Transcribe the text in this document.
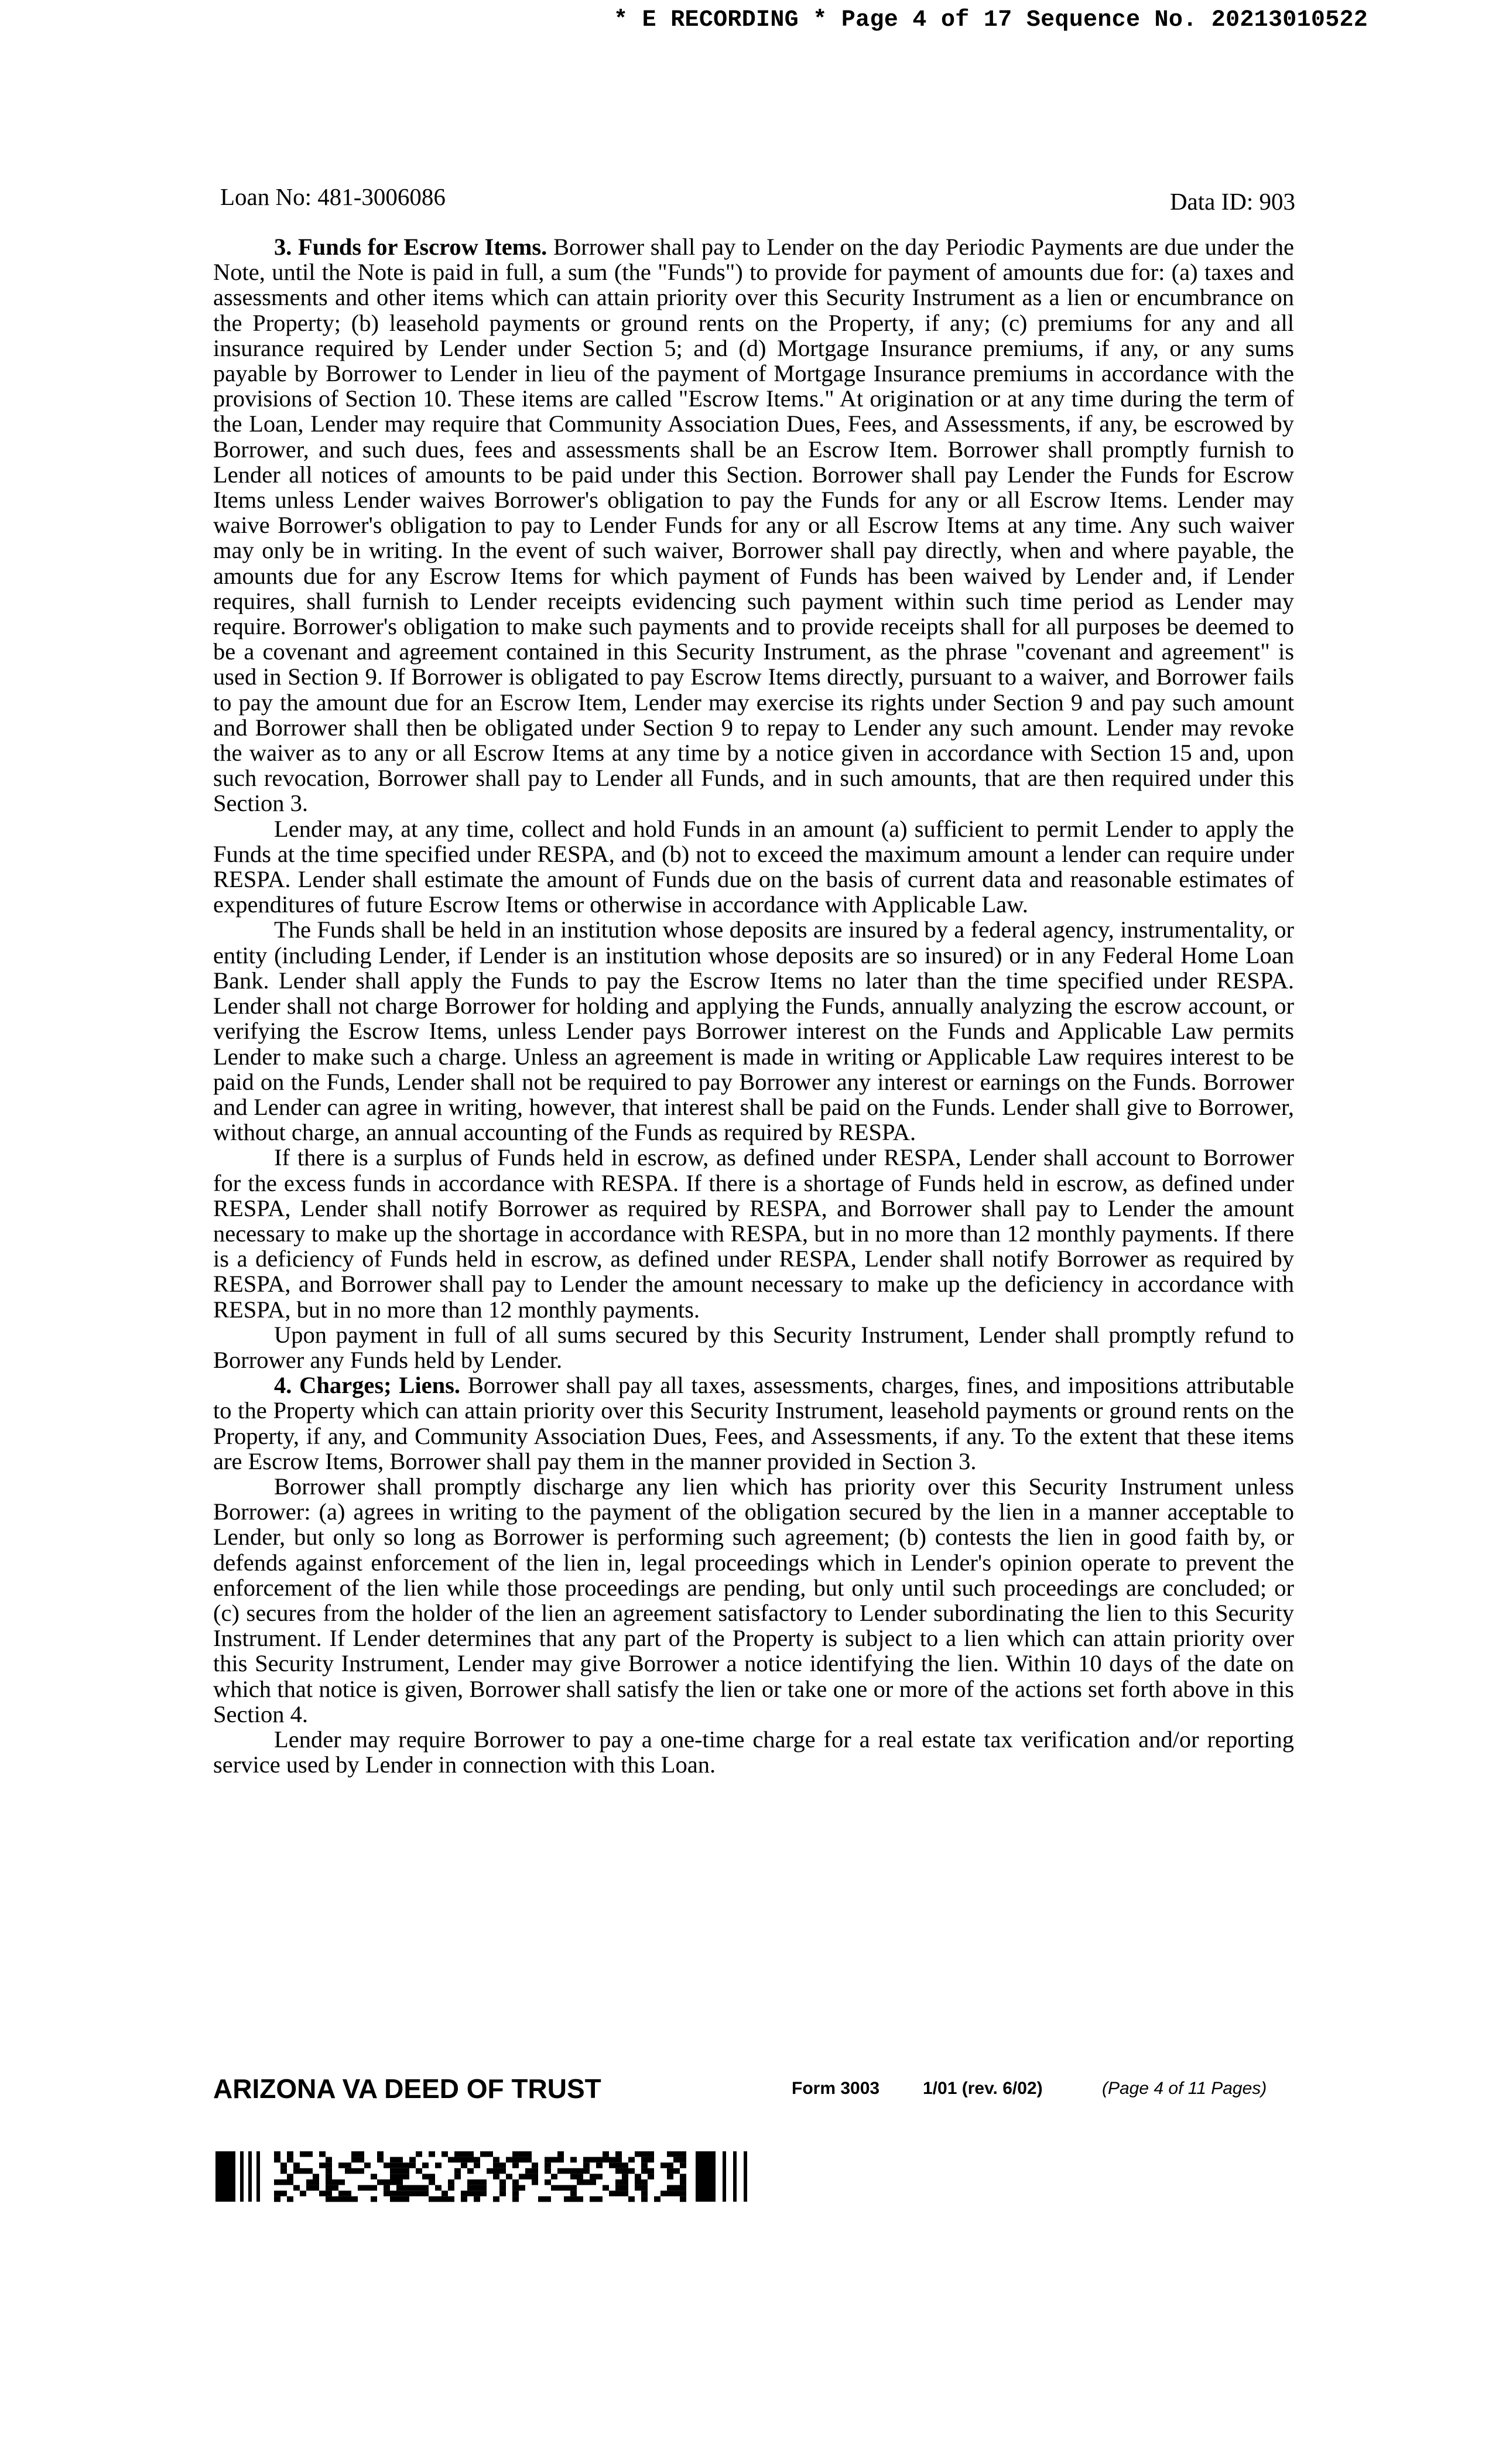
* E RECORDING * Page 4 of 17 Sequence No. 20213010522
Loan No: 481-3006086	Data ID: 903

3. Funds for Escrow Items. Borrower shall pay to Lender on the day Periodic Payments are due under the Note, until the Note is paid in full, a sum (the "Funds") to provide for payment of amounts due for: (a) taxes and assessments and other items which can attain priority over this Security Instrument as a lien or encumbrance on the Property; (b) leasehold payments or ground rents on the Property, if any; (c) premiums for any and all insurance required by Lender under Section 5; and (d) Mortgage Insurance premiums, if any, or any sums payable by Borrower to Lender in lieu of the payment of Mortgage Insurance premiums in accordance with the provisions of Section 10. These items are called "Escrow Items." At origination or at any time during the term of the Loan, Lender may require that Community Association Dues, Fees, and Assessments, if any, be escrowed by Borrower, and such dues, fees and assessments shall be an Escrow Item. Borrower shall promptly furnish to Lender all notices of amounts to be paid under this Section. Borrower shall pay Lender the Funds for Escrow Items unless Lender waives Borrower's obligation to pay the Funds for any or all Escrow Items. Lender may waive Borrower's obligation to pay to Lender Funds for any or all Escrow Items at any time. Any such waiver may only be in writing. In the event of such waiver, Borrower shall pay directly, when and where payable, the amounts due for any Escrow Items for which payment of Funds has been waived by Lender and, if Lender requires, shall furnish to Lender receipts evidencing such payment within such time period as Lender may require. Borrower's obligation to make such payments and to provide receipts shall for all purposes be deemed to be a covenant and agreement contained in this Security Instrument, as the phrase "covenant and agreement" is used in Section 9. If Borrower is obligated to pay Escrow Items directly, pursuant to a waiver, and Borrower fails to pay the amount due for an Escrow Item, Lender may exercise its rights under Section 9 and pay such amount and Borrower shall then be obligated under Section 9 to repay to Lender any such amount. Lender may revoke the waiver as to any or all Escrow Items at any time by a notice given in accordance with Section 15 and, upon such revocation, Borrower shall pay to Lender all Funds, and in such amounts, that are then required under this Section 3.

Lender may, at any time, collect and hold Funds in an amount (a) sufficient to permit Lender to apply the Funds at the time specified under RESPA, and (b) not to exceed the maximum amount a lender can require under RESPA. Lender shall estimate the amount of Funds due on the basis of current data and reasonable estimates of expenditures of future Escrow Items or otherwise in accordance with Applicable Law.

The Funds shall be held in an institution whose deposits are insured by a federal agency, instrumentality, or entity (including Lender, if Lender is an institution whose deposits are so insured) or in any Federal Home Loan Bank. Lender shall apply the Funds to pay the Escrow Items no later than the time specified under RESPA. Lender shall not charge Borrower for holding and applying the Funds, annually analyzing the escrow account, or verifying the Escrow Items, unless Lender pays Borrower interest on the Funds and Applicable Law permits Lender to make such a charge. Unless an agreement is made in writing or Applicable Law requires interest to be paid on the Funds, Lender shall not be required to pay Borrower any interest or earnings on the Funds. Borrower and Lender can agree in writing, however, that interest shall be paid on the Funds. Lender shall give to Borrower, without charge, an annual accounting of the Funds as required by RESPA.

If there is a surplus of Funds held in escrow, as defined under RESPA, Lender shall account to Borrower for the excess funds in accordance with RESPA. If there is a shortage of Funds held in escrow, as defined under RESPA, Lender shall notify Borrower as required by RESPA, and Borrower shall pay to Lender the amount necessary to make up the shortage in accordance with RESPA, but in no more than 12 monthly payments. If there is a deficiency of Funds held in escrow, as defined under RESPA, Lender shall notify Borrower as required by RESPA, and Borrower shall pay to Lender the amount necessary to make up the deficiency in accordance with RESPA, but in no more than 12 monthly payments.

Upon payment in full of all sums secured by this Security Instrument, Lender shall promptly refund to Borrower any Funds held by Lender.

4. Charges; Liens. Borrower shall pay all taxes, assessments, charges, fines, and impositions attributable to the Property which can attain priority over this Security Instrument, leasehold payments or ground rents on the Property, if any, and Community Association Dues, Fees, and Assessments, if any. To the extent that these items are Escrow Items, Borrower shall pay them in the manner provided in Section 3.

Borrower shall promptly discharge any lien which has priority over this Security Instrument unless Borrower: (a) agrees in writing to the payment of the obligation secured by the lien in a manner acceptable to Lender, but only so long as Borrower is performing such agreement; (b) contests the lien in good faith by, or defends against enforcement of the lien in, legal proceedings which in Lender's opinion operate to prevent the enforcement of the lien while those proceedings are pending, but only until such proceedings are concluded; or (c) secures from the holder of the lien an agreement satisfactory to Lender subordinating the lien to this Security Instrument. If Lender determines that any part of the Property is subject to a lien which can attain priority over this Security Instrument, Lender may give Borrower a notice identifying the lien. Within 10 days of the date on which that notice is given, Borrower shall satisfy the lien or take one or more of the actions set forth above in this Section 4.

Lender may require Borrower to pay a one-time charge for a real estate tax verification and/or reporting service used by Lender in connection with this Loan.

ARIZONA VA DEED OF TRUST	Form 3003 1/01 (rev. 6/02)	(Page 4 of 11 Pages)
